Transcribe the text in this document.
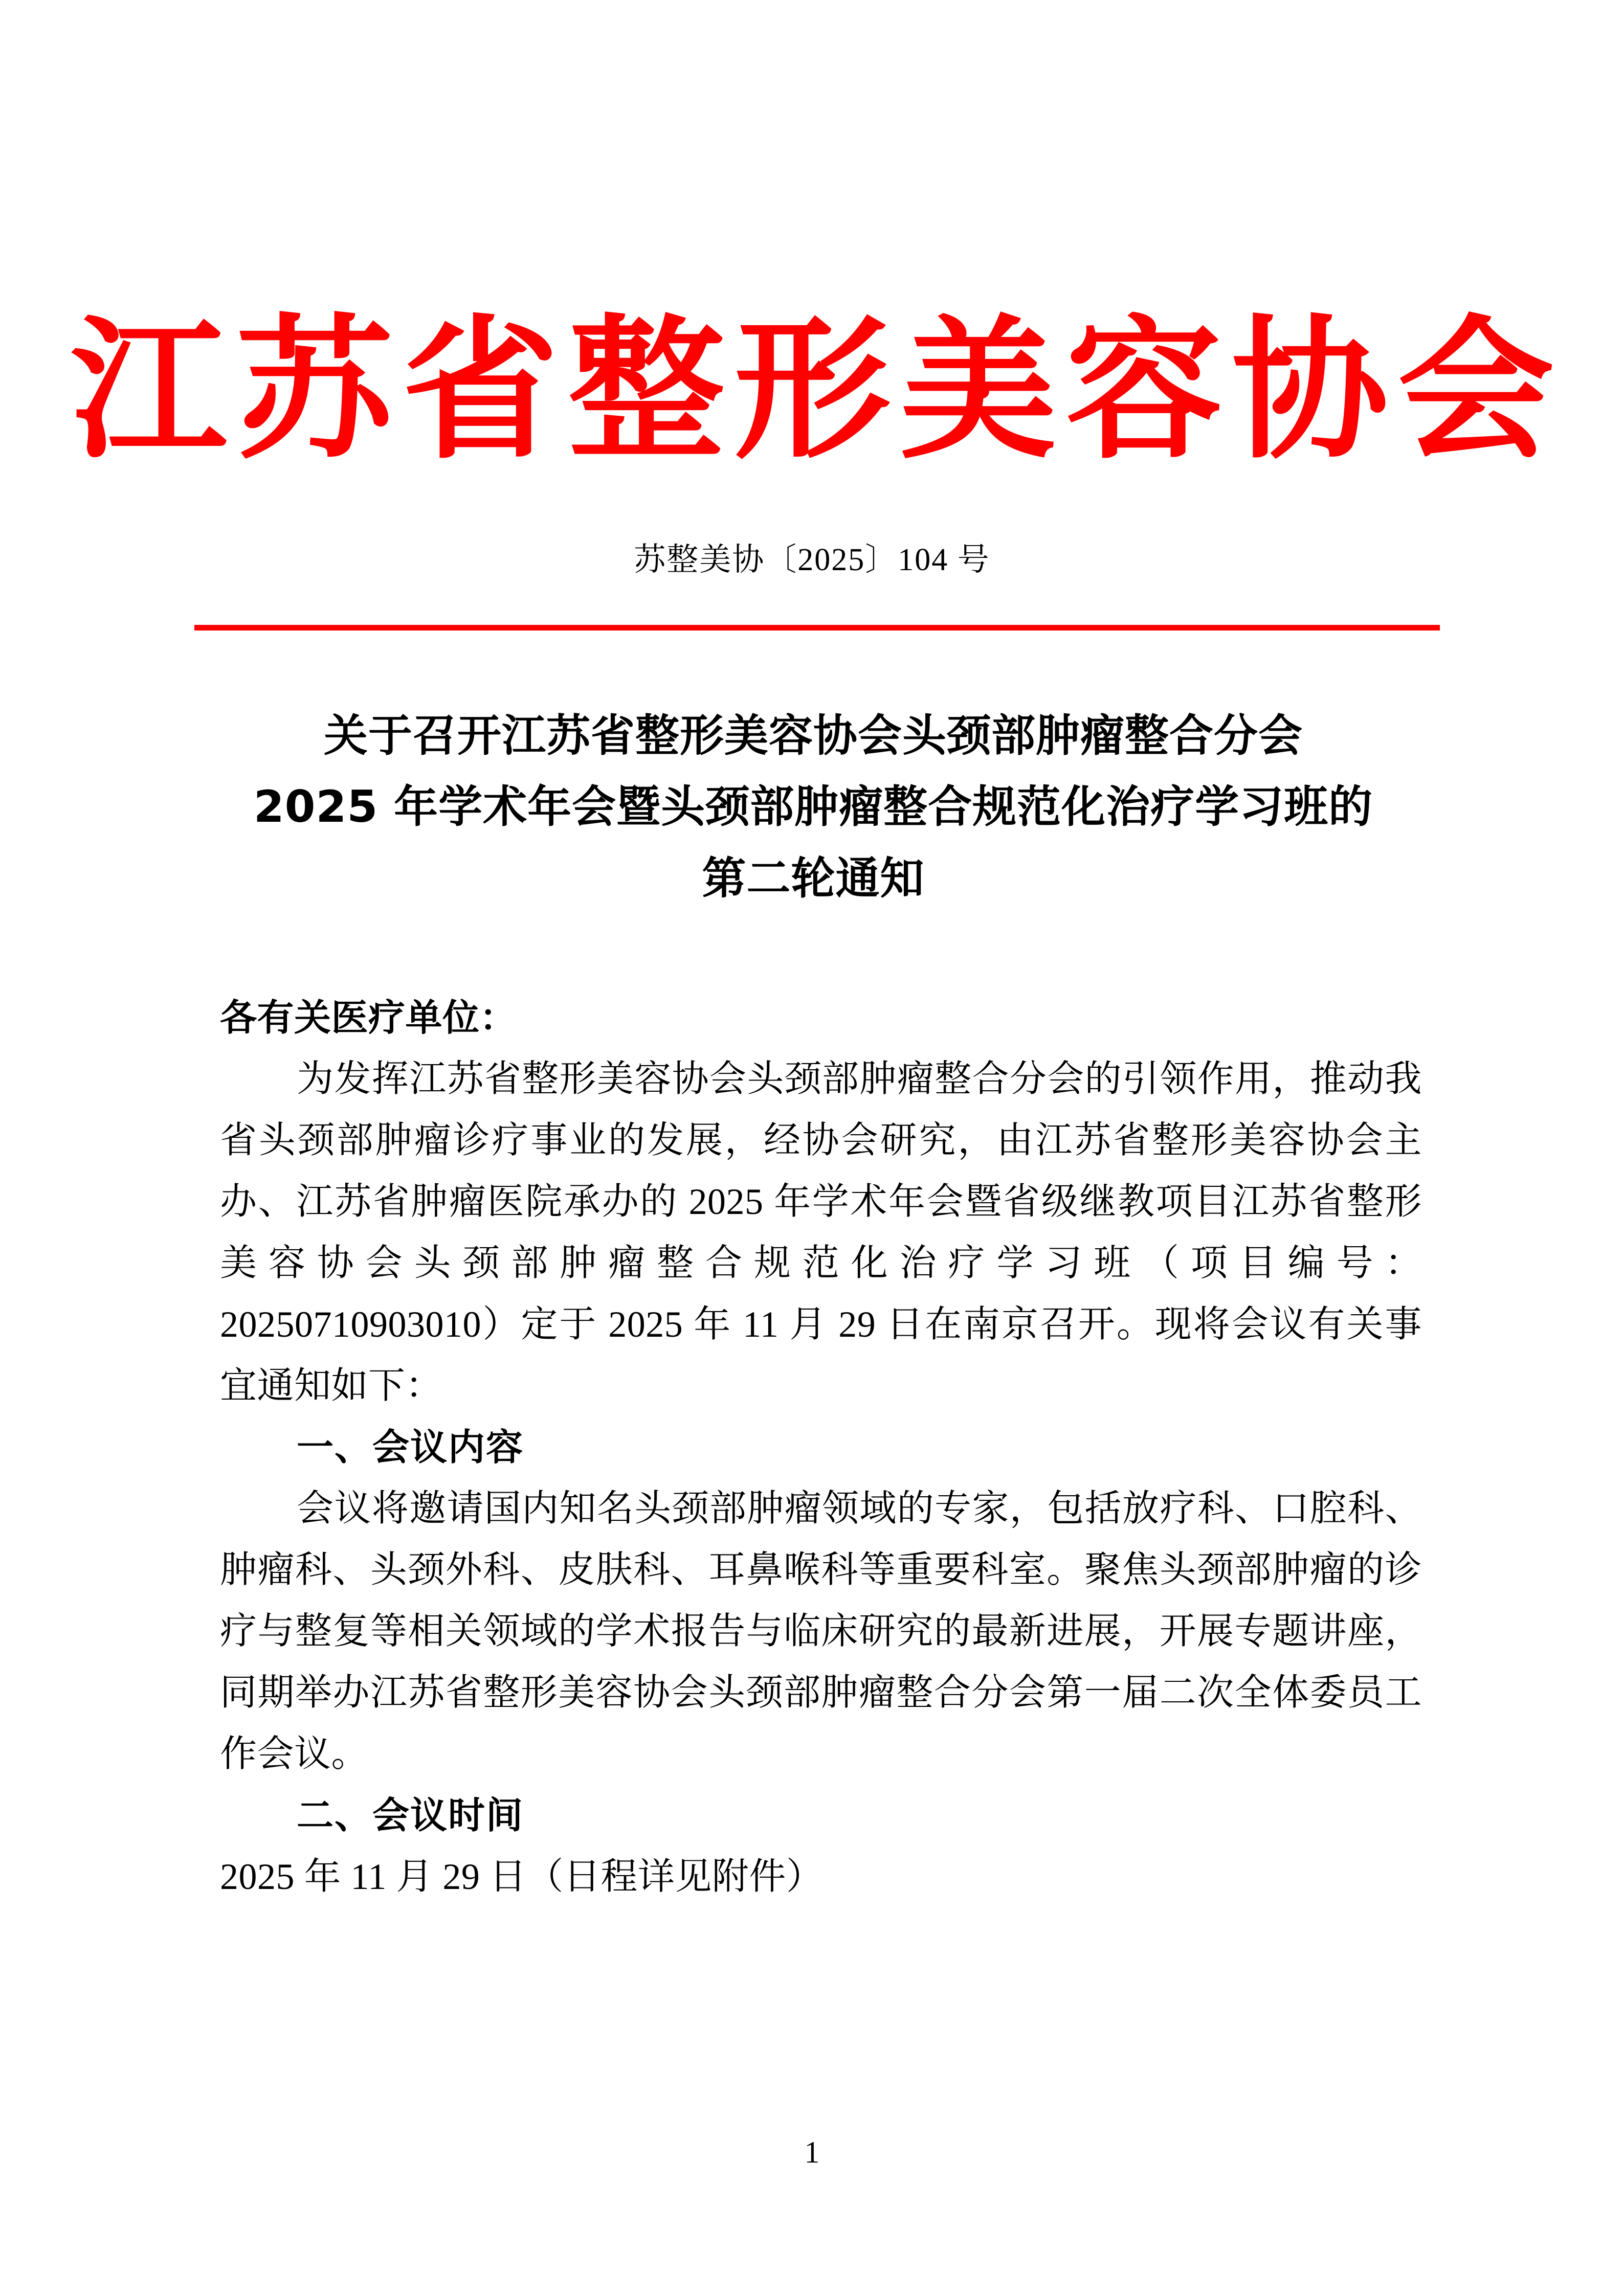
江苏省整形美容协会
苏整美协〔2025〕104 号
关于召开江苏省整形美容协会头颈部肿瘤整合分会
2025 年学术年会暨头颈部肿瘤整合规范化治疗学习班的
第二轮通知

各有关医疗单位：

为发挥江苏省整形美容协会头颈部肿瘤整合分会的引领作用，推动我省头颈部肿瘤诊疗事业的发展，经协会研究，由江苏省整形美容协会主办、江苏省肿瘤医院承办的 2025 年学术年会暨省级继教项目江苏省整形美容协会头颈部肿瘤整合规范化治疗学习班（项目编号：20250710903010）定于 2025 年 11 月 29 日在南京召开。现将会议有关事宜通知如下：

一、会议内容

会议将邀请国内知名头颈部肿瘤领域的专家，包括放疗科、口腔科、肿瘤科、头颈外科、皮肤科、耳鼻喉科等重要科室。聚焦头颈部肿瘤的诊疗与整复等相关领域的学术报告与临床研究的最新进展，开展专题讲座，同期举办江苏省整形美容协会头颈部肿瘤整合分会第一届二次全体委员工作会议。

二、会议时间

2025 年 11 月 29 日（日程详见附件）

1
